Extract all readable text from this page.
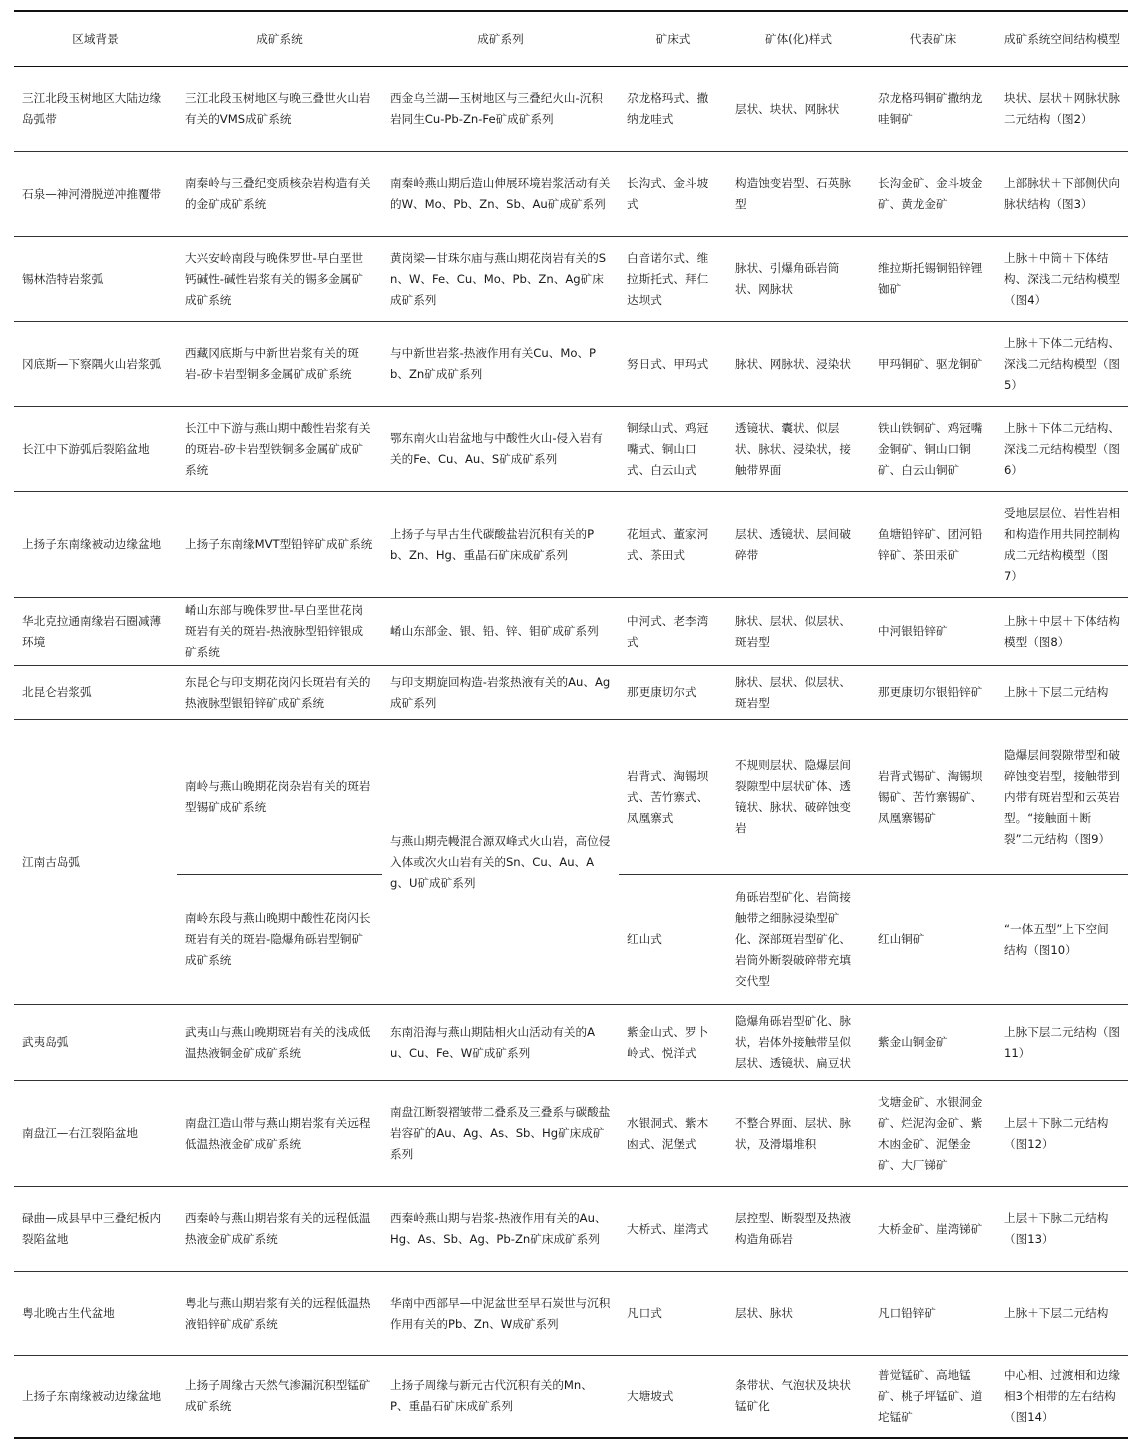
区域背景	成矿系统	成矿系列	矿床式	矿体(化)样式	代表矿床	成矿系统空间结构模型
三江北段玉树地区大陆边缘岛弧带	三江北段玉树地区与晚三叠世火山岩有关的VMS成矿系统	西金乌兰湖—玉树地区与三叠纪火山-沉积岩同生Cu-Pb-Zn-Fe矿成矿系列	尕龙格玛式、撒纳龙哇式	层状、块状、网脉状	尕龙格玛铜矿撒纳龙哇铜矿	块状、层状＋网脉状脉二元结构（图2）
石泉—神河滑脱逆冲推覆带	南秦岭与三叠纪变质核杂岩构造有关的金矿成矿系统	南秦岭燕山期后造山伸展环境岩浆活动有关的W、Mo、Pb、Zn、Sb、Au矿成矿系列	长沟式、金斗坡式	构造蚀变岩型、石英脉型	长沟金矿、金斗坡金矿、黄龙金矿	上部脉状＋下部侧伏向脉状结构（图3）
锡林浩特岩浆弧	大兴安岭南段与晚侏罗世-早白垩世钙碱性-碱性岩浆有关的锡多金属矿成矿系统	黄岗梁—甘珠尔庙与燕山期花岗岩有关的Sn、W、Fe、Cu、Mo、Pb、Zn、Ag矿床成矿系列	白音诺尔式、维拉斯托式、拜仁达坝式	脉状、引爆角砾岩筒状、网脉状	维拉斯托锡铜铅锌锂铷矿	上脉＋中筒＋下体结构、深浅二元结构模型（图4）
冈底斯—下察隅火山岩浆弧	西藏冈底斯与中新世岩浆有关的斑岩-矽卡岩型铜多金属矿成矿系统	与中新世岩浆-热液作用有关Cu、Mo、Pb、Zn矿成矿系列	努日式、甲玛式	脉状、网脉状、浸染状	甲玛铜矿、驱龙铜矿	上脉＋下体二元结构、深浅二元结构模型（图5）
长江中下游弧后裂陷盆地	长江中下游与燕山期中酸性岩浆有关的斑岩-矽卡岩型铁铜多金属矿成矿系统	鄂东南火山岩盆地与中酸性火山-侵入岩有关的Fe、Cu、Au、S矿成矿系列	铜绿山式、鸡冠嘴式、铜山口式、白云山式	透镜状、囊状、似层状、脉状、浸染状，接触带界面	铁山铁铜矿、鸡冠嘴金铜矿、铜山口铜矿、白云山铜矿	上脉＋下体二元结构、深浅二元结构模型（图6）
上扬子东南缘被动边缘盆地	上扬子东南缘MVT型铅锌矿成矿系统	上扬子与早古生代碳酸盐岩沉积有关的Pb、Zn、Hg、重晶石矿床成矿系列	花垣式、董家河式、茶田式	层状、透镜状、层间破碎带	鱼塘铅锌矿、团河铅锌矿、茶田汞矿	受地层层位、岩性岩相和构造作用共同控制构成二元结构模型（图7）
华北克拉通南缘岩石圈减薄环境	崤山东部与晚侏罗世-早白垩世花岗斑岩有关的斑岩-热液脉型铅锌银成矿系统	崤山东部金、银、铅、锌、钼矿成矿系列	中河式、老李湾式	脉状、层状、似层状、斑岩型	中河银铅锌矿	上脉＋中层＋下体结构模型（图8）
北昆仑岩浆弧	东昆仑与印支期花岗闪长斑岩有关的热液脉型银铅锌矿成矿系统	与印支期旋回构造-岩浆热液有关的Au、Ag成矿系列	那更康切尔式	脉状、层状、似层状、斑岩型	那更康切尔银铅锌矿	上脉＋下层二元结构
江南古岛弧	南岭与燕山晚期花岗杂岩有关的斑岩型锡矿成矿系统	与燕山期壳幔混合源双峰式火山岩，高位侵入体或次火山岩有关的Sn、Cu、Au、Ag、U矿成矿系列	岩背式、淘锡坝式、苦竹寨式、凤凰寨式	不规则层状、隐爆层间裂隙型中层状矿体、透镜状、脉状、破碎蚀变岩	岩背式锡矿、淘锡坝锡矿、苦竹寨锡矿、凤凰寨锡矿	隐爆层间裂隙带型和破碎蚀变岩型，接触带到内带有斑岩型和云英岩型。“接触面＋断裂”二元结构（图9）
	南岭东段与燕山晚期中酸性花岗闪长斑岩有关的斑岩-隐爆角砾岩型铜矿成矿系统		红山式	角砾岩型矿化、岩筒接触带之细脉浸染型矿化、深部斑岩型矿化、岩筒外断裂破碎带充填交代型	红山铜矿	“一体五型”上下空间结构（图10）
武夷岛弧	武夷山与燕山晚期斑岩有关的浅成低温热液铜金矿成矿系统	东南沿海与燕山期陆相火山活动有关的Au、Cu、Fe、W矿成矿系列	紫金山式、罗卜岭式、悦洋式	隐爆角砾岩型矿化、脉状，岩体外接触带呈似层状、透镜状、扁豆状	紫金山铜金矿	上脉下层二元结构（图11）
南盘江—右江裂陷盆地	南盘江造山带与燕山期岩浆有关远程低温热液金矿成矿系统	南盘江断裂褶皱带二叠系及三叠系与碳酸盐岩容矿的Au、Ag、As、Sb、Hg矿床成矿系列	水银洞式、紫木凼式、泥堡式	不整合界面、层状、脉状，及滑塌堆积	戈塘金矿、水银洞金矿、烂泥沟金矿、紫木凼金矿、泥堡金矿、大厂锑矿	上层＋下脉二元结构（图12）
碌曲—成县早中三叠纪板内裂陷盆地	西秦岭与燕山期岩浆有关的远程低温热液金矿成矿系统	西秦岭燕山期与岩浆-热液作用有关的Au、Hg、As、Sb、Ag、Pb-Zn矿床成矿系列	大桥式、崖湾式	层控型、断裂型及热液构造角砾岩	大桥金矿、崖湾锑矿	上层＋下脉二元结构（图13）
粤北晚古生代盆地	粤北与燕山期岩浆有关的远程低温热液铅锌矿成矿系统	华南中西部早—中泥盆世至早石炭世与沉积作用有关的Pb、Zn、W成矿系列	凡口式	层状、脉状	凡口铅锌矿	上脉＋下层二元结构
上扬子东南缘被动边缘盆地	上扬子周缘古天然气渗漏沉积型锰矿成矿系统	上扬子周缘与新元古代沉积有关的Mn、P、重晶石矿床成矿系列	大塘坡式	条带状、气泡状及块状锰矿化	普觉锰矿、高地锰矿、桃子坪锰矿、道坨锰矿	中心相、过渡相和边缘相3个相带的左右结构（图14）
